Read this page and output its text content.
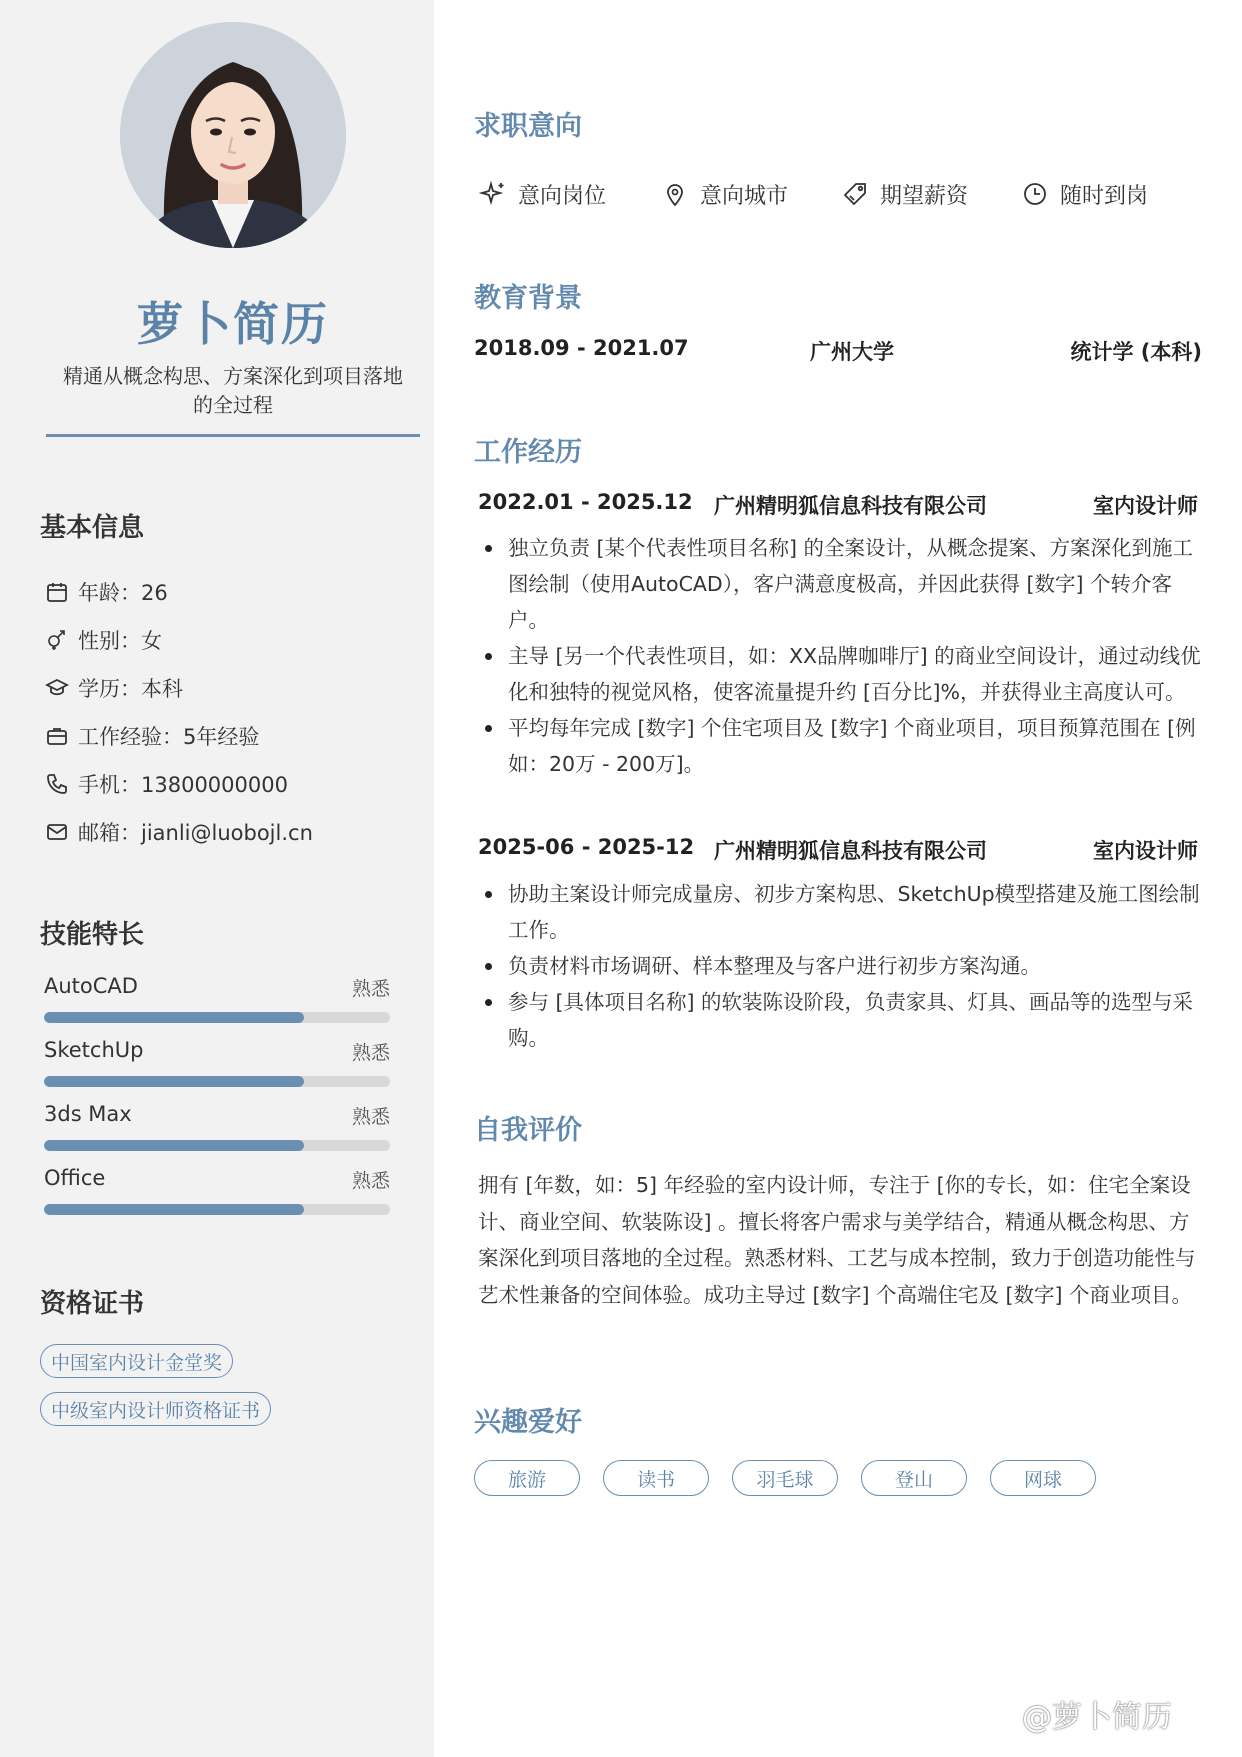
萝卜简历
精通从概念构思、方案深化到项目落地的全过程
基本信息
年龄：26
性别：女
学历：本科
工作经验：5年经验
手机：13800000000
邮箱：jianli@luobojl.cn
技能特长
AutoCAD	熟悉
SketchUp	熟悉
3ds Max	熟悉
Office	熟悉
资格证书
中国室内设计金堂奖
中级室内设计师资格证书
求职意向
意向岗位	意向城市	期望薪资	随时到岗
教育背景
2018.09 - 2021.07	广州大学	统计学 (本科)
工作经历
2022.01 - 2025.12 广州精明狐信息科技有限公司	室内设计师
独立负责 [某个代表性项目名称] 的全案设计，从概念提案、方案深化到施工图绘制（使用AutoCAD），客户满意度极高，并因此获得 [数字] 个转介客户。
主导 [另一个代表性项目，如：XX品牌咖啡厅] 的商业空间设计，通过动线优化和独特的视觉风格，使客流量提升约 [百分比]%，并获得业主高度认可。
平均每年完成 [数字] 个住宅项目及 [数字] 个商业项目，项目预算范围在 [例如：20万 - 200万]。
2025-06 - 2025-12 广州精明狐信息科技有限公司	室内设计师
协助主案设计师完成量房、初步方案构思、SketchUp模型搭建及施工图绘制工作。
负责材料市场调研、样本整理及与客户进行初步方案沟通。
参与 [具体项目名称] 的软装陈设阶段，负责家具、灯具、画品等的选型与采购。
自我评价
拥有 [年数，如：5] 年经验的室内设计师，专注于 [你的专长，如：住宅全案设计、商业空间、软装陈设] 。擅长将客户需求与美学结合，精通从概念构思、方案深化到项目落地的全过程。熟悉材料、工艺与成本控制，致力于创造功能性与艺术性兼备的空间体验。成功主导过 [数字] 个高端住宅及 [数字] 个商业项目。
兴趣爱好
旅游	读书	羽毛球	登山	网球
@萝卜简历
